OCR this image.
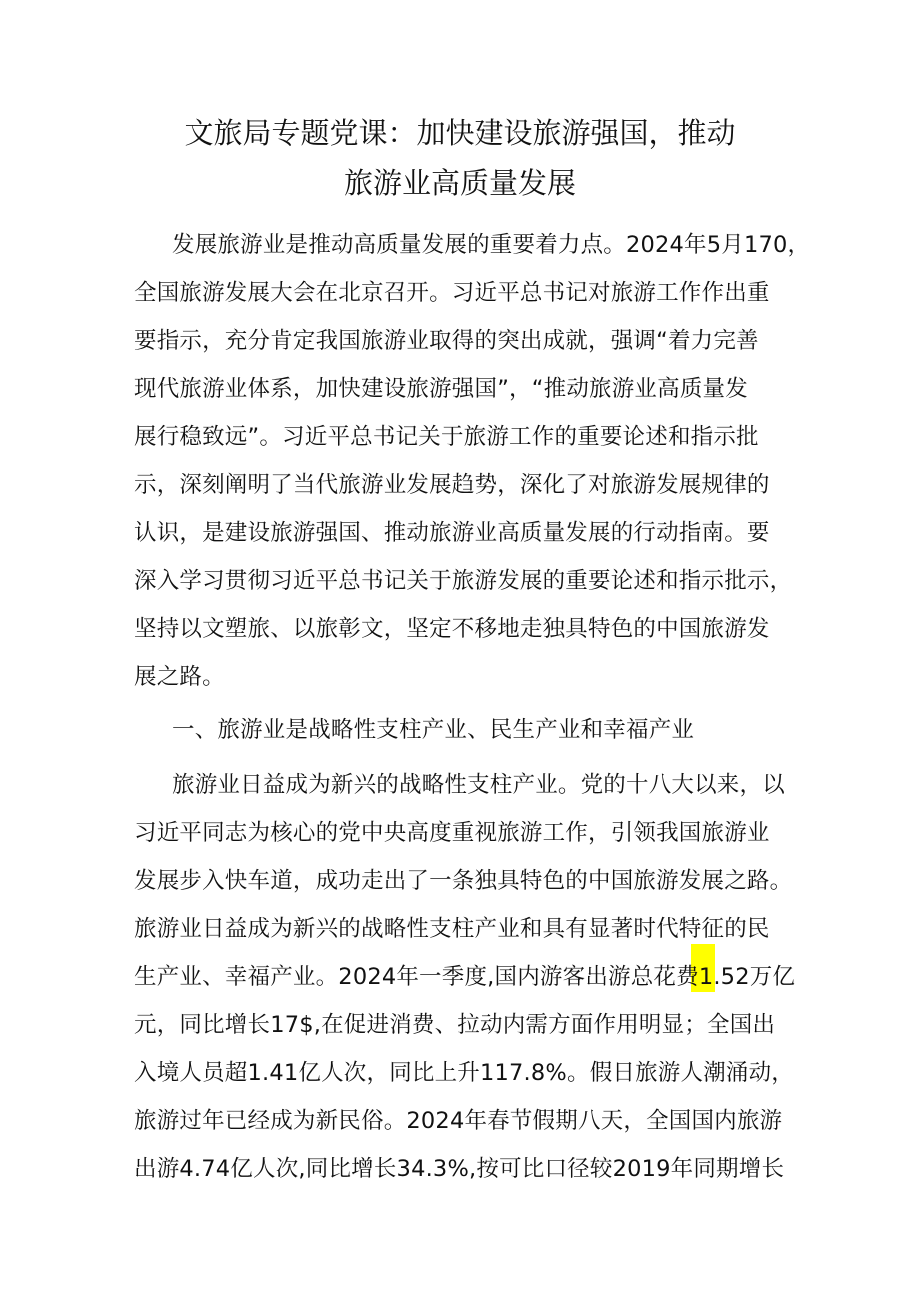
文旅局专题党课：加快建设旅游强国，推动
旅游业高质量发展
发展旅游业是推动高质量发展的重要着力点。2024年5月170，
全国旅游发展大会在北京召开。习近平总书记对旅游工作作出重
要指示，充分肯定我国旅游业取得的突出成就，强调“着力完善
现代旅游业体系，加快建设旅游强国”，“推动旅游业高质量发
展行稳致远”。习近平总书记关于旅游工作的重要论述和指示批
示，深刻阐明了当代旅游业发展趋势，深化了对旅游发展规律的
认识，是建设旅游强国、推动旅游业高质量发展的行动指南。要
深入学习贯彻习近平总书记关于旅游发展的重要论述和指示批示，
坚持以文塑旅、以旅彰文，坚定不移地走独具特色的中国旅游发
展之路。
一、旅游业是战略性支柱产业、民生产业和幸福产业
旅游业日益成为新兴的战略性支柱产业。党的十八大以来，以
习近平同志为核心的党中央高度重视旅游工作，引领我国旅游业
发展步入快车道，成功走出了一条独具特色的中国旅游发展之路。
旅游业日益成为新兴的战略性支柱产业和具有显著时代特征的民
生产业、幸福产业。2024年一季度,国内游客出游总花费1.52万亿
元，同比增长17$,在促进消费、拉动内需方面作用明显；全国出
入境人员超1.41亿人次，同比上升117.8%。假日旅游人潮涌动，
旅游过年已经成为新民俗。2024年春节假期八天，全国国内旅游
出游4.74亿人次,同比增长34.3%,按可比口径较2019年同期增长
